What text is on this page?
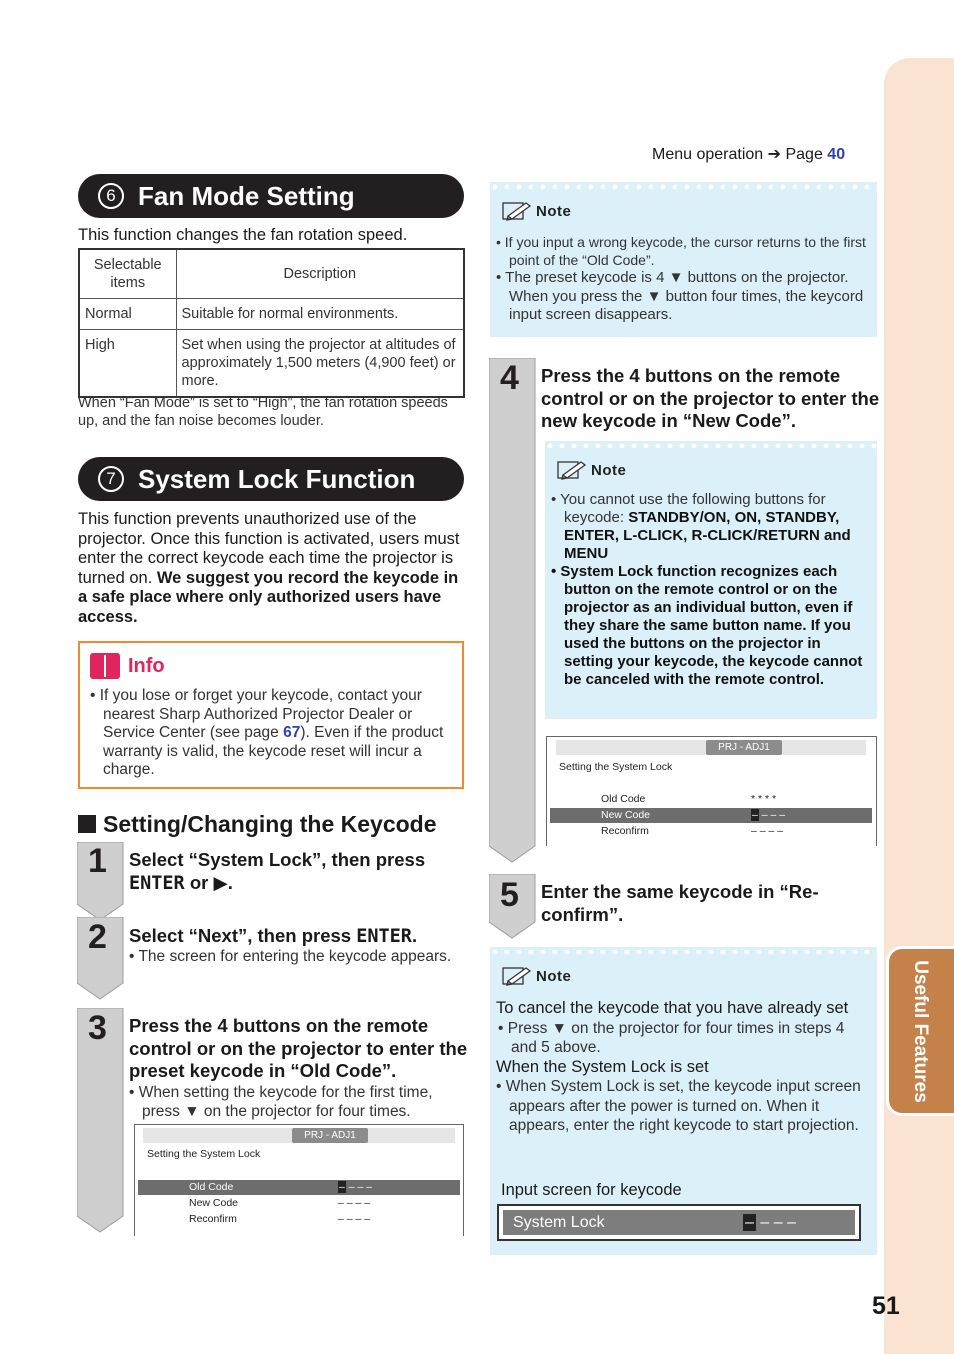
Useful Features
51
Menu operation ➔ Page 40
6 Fan Mode Setting
This function changes the fan rotation speed.
Selectable items	Description
Normal	Suitable for normal environments.
High	Set when using the projector at altitudes of approximately 1,500 meters (4,900 feet) or more.
When “Fan Mode” is set to “High”, the fan rotation speeds up, and the fan noise becomes louder.
7 System Lock Function
This function prevents unauthorized use of the projector. Once this function is activated, users must enter the correct keycode each time the projector is turned on. We suggest you record the keycode in a safe place where only authorized users have access.
Info
• If you lose or forget your keycode, contact your nearest Sharp Authorized Projector Dealer or Service Center (see page 67). Even if the product warranty is valid, the keycode reset will incur a charge.
Setting/Changing the Keycode
1 Select “System Lock”, then press ENTER or ▶.
2 Select “Next”, then press ENTER.
• The screen for entering the keycode appears.
3 Press the 4 buttons on the remote control or on the projector to enter the preset keycode in “Old Code”.
• When setting the keycode for the first time, press ▼ on the projector for four times.
PRJ - ADJ1
Setting the System Lock
Old Code	– – – –
New Code	– – – –
Reconfirm	– – – –
Note
• If you input a wrong keycode, the cursor returns to the first point of the “Old Code”.
• The preset keycode is 4 ▼ buttons on the projector. When you press the ▼ button four times, the keycord input screen disappears.
4 Press the 4 buttons on the remote control or on the projector to enter the new keycode in “New Code”.
Note
• You cannot use the following buttons for keycode: STANDBY/ON, ON, STANDBY, ENTER, L-CLICK, R-CLICK/RETURN and MENU
• System Lock function recognizes each button on the remote control or on the projector as an individual button, even if they share the same button name. If you used the buttons on the projector in setting your keycode, the keycode cannot be canceled with the remote control.
PRJ - ADJ1
Setting the System Lock
Old Code	* * * *
New Code	– – – –
Reconfirm	– – – –
5 Enter the same keycode in “Re-confirm”.
Note
To cancel the keycode that you have already set
• Press ▼ on the projector for four times in steps 4 and 5 above.
When the System Lock is set
• When System Lock is set, the keycode input screen appears after the power is turned on. When it appears, enter the right keycode to start projection.
Input screen for keycode
System Lock	– – – –
